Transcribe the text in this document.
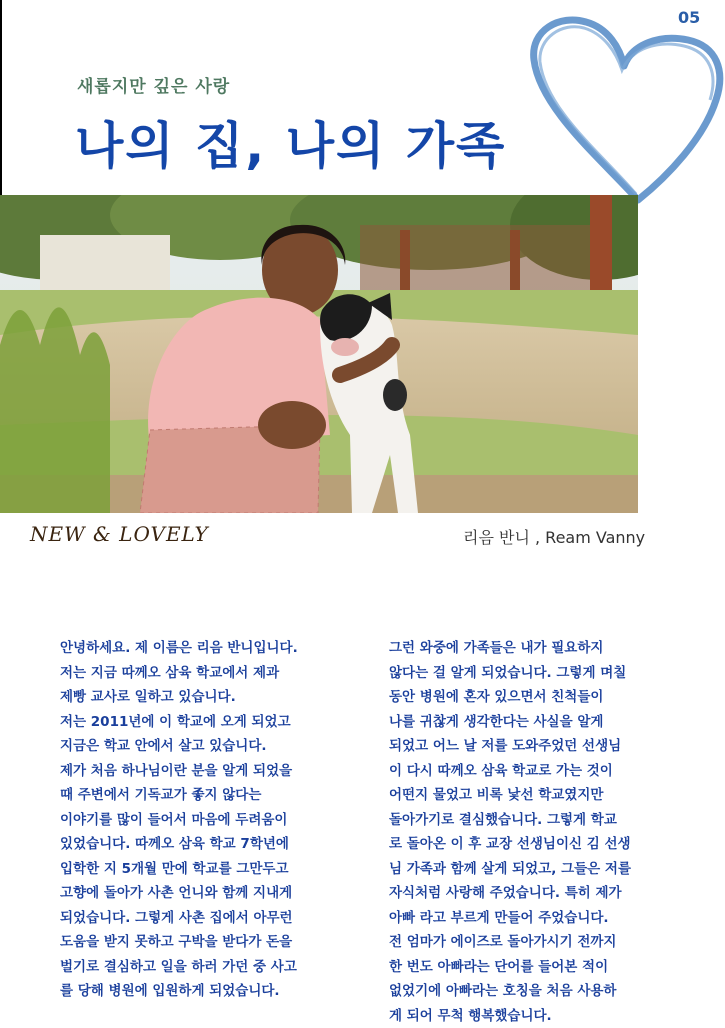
05
새롭지만 깊은 사랑
나의 집, 나의 가족
NEW & LOVELY	리음 반니 , Ream Vanny

안녕하세요. 제 이름은 리음 반니입니다.

저는 지금 따께오 삼육 학교에서 제과

제빵 교사로 일하고 있습니다.

저는 2011년에 이 학교에 오게 되었고

지금은 학교 안에서 살고 있습니다.

제가 처음 하나님이란 분을 알게 되었을

때 주변에서 기독교가 좋지 않다는

이야기를 많이 들어서 마음에 두려움이

있었습니다. 따께오 삼육 학교 7학년에

입학한 지 5개월 만에 학교를 그만두고

고향에 돌아가 사촌 언니와 함께 지내게

되었습니다. 그렇게 사촌 집에서 아무런

도움을 받지 못하고 구박을 받다가 돈을

벌기로 결심하고 일을 하러 가던 중 사고

를 당해 병원에 입원하게 되었습니다.

그런 와중에 가족들은 내가 필요하지

않다는 걸 알게 되었습니다. 그렇게 며칠

동안 병원에 혼자 있으면서 친척들이

나를 귀찮게 생각한다는 사실을 알게

되었고 어느 날 저를 도와주었던 선생님

이 다시 따께오 삼육 학교로 가는 것이

어떤지 물었고 비록 낯선 학교였지만

돌아가기로 결심했습니다. 그렇게 학교

로 돌아온 이 후 교장 선생님이신 김 선생

님 가족과 함께 살게 되었고, 그들은 저를

자식처럼 사랑해 주었습니다. 특히 제가

아빠 라고 부르게 만들어 주었습니다.

전 엄마가 에이즈로 돌아가시기 전까지

한 번도 아빠라는 단어를 들어본 적이

없었기에 아빠라는 호칭을 처음 사용하

게 되어 무척 행복했습니다.
